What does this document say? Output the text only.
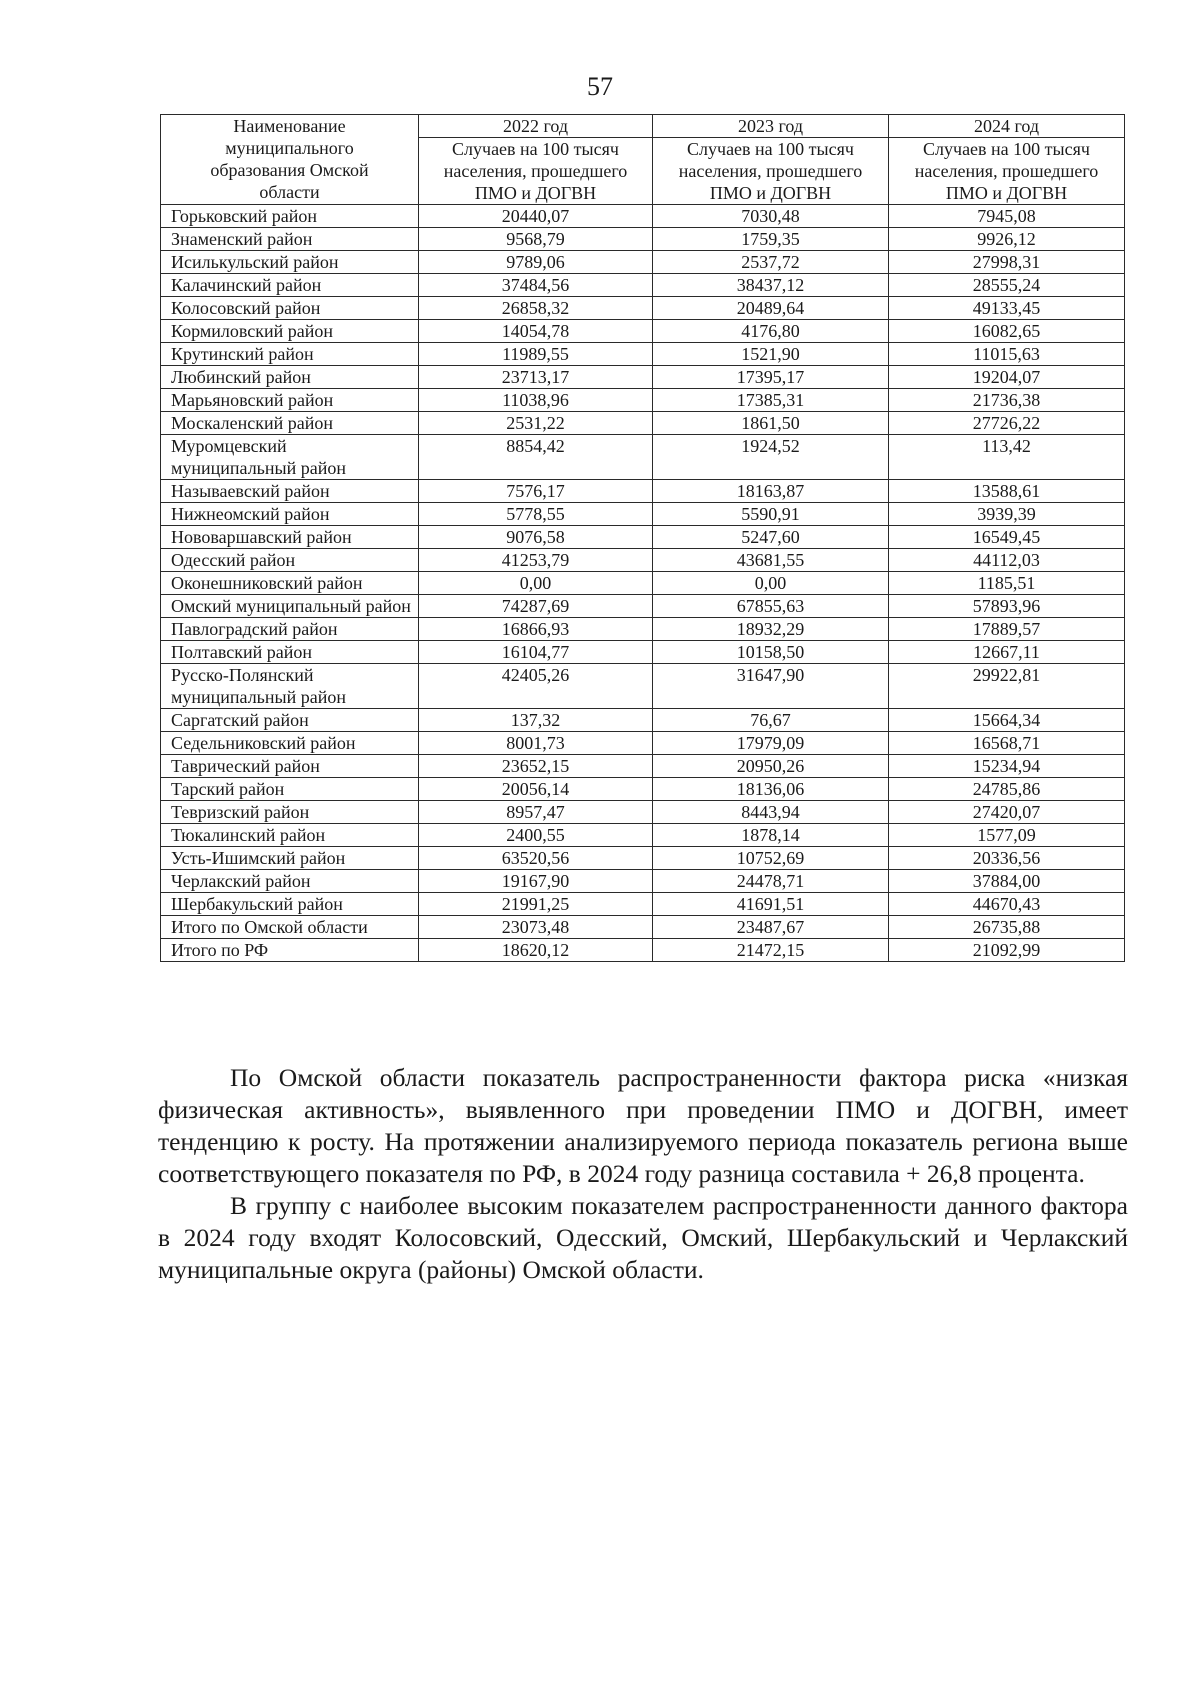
57
Наименование муниципального образования Омской области	2022 год	2023 год	2024 год
	Случаев на 100 тысяч населения, прошедшего ПМО и ДОГВН	Случаев на 100 тысяч населения, прошедшего ПМО и ДОГВН	Случаев на 100 тысяч населения, прошедшего ПМО и ДОГВН
Горьковский район	20440,07	7030,48	7945,08
Знаменский район	9568,79	1759,35	9926,12
Исилькульский район	9789,06	2537,72	27998,31
Калачинский район	37484,56	38437,12	28555,24
Колосовский район	26858,32	20489,64	49133,45
Кормиловский район	14054,78	4176,80	16082,65
Крутинский район	11989,55	1521,90	11015,63
Любинский район	23713,17	17395,17	19204,07
Марьяновский район	11038,96	17385,31	21736,38
Москаленский район	2531,22	1861,50	27726,22
Муромцевский муниципальный район	8854,42	1924,52	113,42
Называевский район	7576,17	18163,87	13588,61
Нижнеомский район	5778,55	5590,91	3939,39
Нововаршавский район	9076,58	5247,60	16549,45
Одесский район	41253,79	43681,55	44112,03
Оконешниковский район	0,00	0,00	1185,51
Омский муниципальный район	74287,69	67855,63	57893,96
Павлоградский район	16866,93	18932,29	17889,57
Полтавский район	16104,77	10158,50	12667,11
Русско-Полянский муниципальный район	42405,26	31647,90	29922,81
Саргатский район	137,32	76,67	15664,34
Седельниковский район	8001,73	17979,09	16568,71
Таврический район	23652,15	20950,26	15234,94
Тарский район	20056,14	18136,06	24785,86
Тевризский район	8957,47	8443,94	27420,07
Тюкалинский район	2400,55	1878,14	1577,09
Усть-Ишимский район	63520,56	10752,69	20336,56
Черлакский район	19167,90	24478,71	37884,00
Шербакульский район	21991,25	41691,51	44670,43
Итого по Омской области	23073,48	23487,67	26735,88
Итого по РФ	18620,12	21472,15	21092,99

По Омской области показатель распространенности фактора риска «низкая физическая активность», выявленного при проведении ПМО и ДОГВН, имеет тенденцию к росту. На протяжении анализируемого периода показатель региона выше соответствующего показателя по РФ, в 2024 году разница составила + 26,8 процента.

В группу с наиболее высоким показателем распространенности данного фактора в 2024 году входят Колосовский, Одесский, Омский, Шербакульский и Черлакский муниципальные округа (районы) Омской области.
